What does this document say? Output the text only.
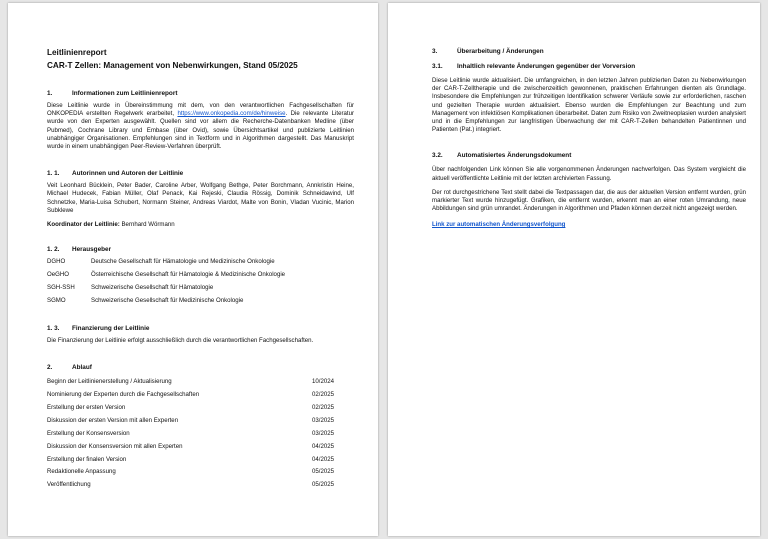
Leitlinienreport

CAR-T Zellen: Management von Nebenwirkungen, Stand 05/2025

1.	Informationen zum Leitlinienreport

Diese Leitlinie wurde in Übereinstimmung mit dem, von den verantwortlichen Fachgesellschaften für ONKOPEDIA erstellten Regelwerk erarbeitet, https://www.onkopedia.com/de/hinweise. Die relevante Literatur wurde von den Experten ausgewählt. Quellen sind vor allem die Recherche-Datenbanken Medline (über Pubmed), Cochrane Library und Embase (über Ovid), sowie Übersichtsartikel und publizierte Leitlinien unabhängiger Organisationen. Empfehlungen sind in Textform und in Algorithmen dargestellt. Das Manuskript wurde in einem unabhängigen Peer-Review-Verfahren überprüft.

1. 1.	Autorinnen und Autoren der Leitlinie

Veit Leonhard Bücklein, Peter Bader, Caroline Arber, Wolfgang Bethge, Peter Borchmann, Annkristin Heine, Michael Hudecek, Fabian Müller, Olaf Penack, Kai Rejeski, Claudia Rössig, Dominik Schneidawind, Ulf Schnetzke, Maria-Luisa Schubert, Normann Steiner, Andreas Viardot, Malte von Bonin, Vladan Vucinic, Marion Subklewe

Koordinator der Leitlinie: Bernhard Wörmann

1. 2.	Herausgeber
DGHO	Deutsche Gesellschaft für Hämatologie und Medizinische Onkologie
OeGHO	Österreichische Gesellschaft für Hämatologie & Medizinische Onkologie
SGH-SSH	Schweizerische Gesellschaft für Hämatologie
SGMO	Schweizerische Gesellschaft für Medizinische Onkologie
1. 3.	Finanzierung der Leitlinie

Die Finanzierung der Leitlinie erfolgt ausschließlich durch die verantwortlichen Fachgesellschaften.

2.	Ablauf
Beginn der Leitlinienerstellung / Aktualisierung	10/2024
Nominierung der Experten durch die Fachgesellschaften	02/2025
Erstellung der ersten Version	02/2025
Diskussion der ersten Version mit allen Experten	03/2025
Erstellung der Konsensversion	03/2025
Diskussion der Konsensversion mit allen Experten	04/2025
Erstellung der finalen Version	04/2025
Redaktionelle Anpassung	05/2025
Veröffentlichung	05/2025
3.	Überarbeitung / Änderungen
3.1.	Inhaltlich relevante Änderungen gegenüber der Vorversion

Diese Leitlinie wurde aktualisiert. Die umfangreichen, in den letzten Jahren publizierten Daten zu Nebenwirkungen der CAR-T-Zelltherapie und die zwischenzeitlich gewonnenen, praktischen Erfahrungen dienten als Grundlage. Insbesondere die Empfehlungen zur frühzeitigen Identifikation schwerer Verläufe sowie zur erforderlichen, raschen und gezielten Therapie wurden aktualisiert. Ebenso wurden die Empfehlungen zur Beachtung und zum Management von infektiösen Komplikationen überarbeitet. Daten zum Risiko von Zweitneoplasien wurden analysiert und in die Empfehlungen zur langfristigen Überwachung der mit CAR-T-Zellen behandelten Patientinnen und Patienten (Pat.) integriert.

3.2.	Automatisiertes Änderungsdokument

Über nachfolgenden Link können Sie alle vorgenommenen Änderungen nachverfolgen. Das System vergleicht die aktuell veröffentlichte Leitlinie mit der letzten archivierten Fassung.

Der rot durchgestrichene Text stellt dabei die Textpassagen dar, die aus der aktuellen Version entfernt wurden, grün markierter Text wurde hinzugefügt. Grafiken, die entfernt wurden, erkennt man an einer roten Umrandung, neue Abbildungen sind grün umrandet. Änderungen in Algorithmen und Pfaden können derzeit nicht angezeigt werden.

Link zur automatischen Änderungsverfolgung
